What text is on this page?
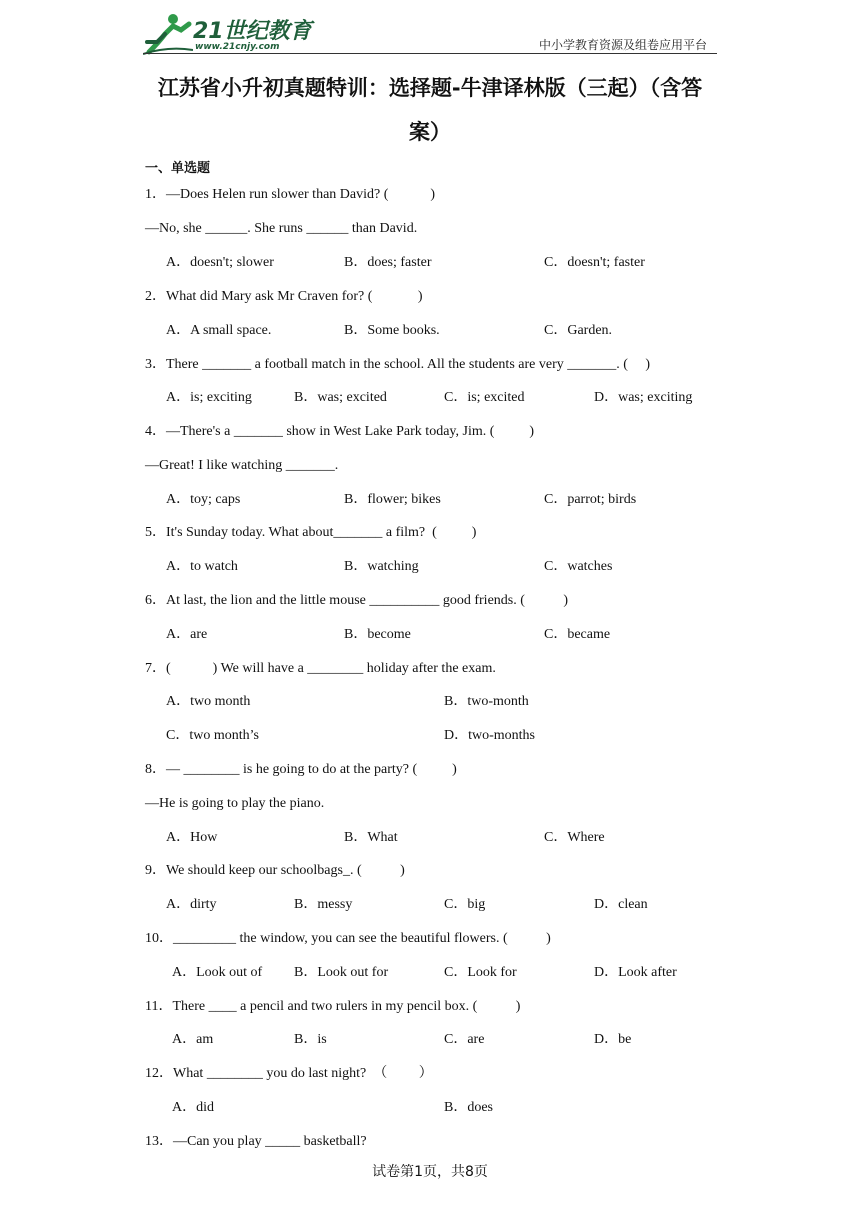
21世纪教育
www.21cnjy.com	中小学教育资源及组卷应用平台
江苏省小升初真题特训：选择题-牛津译林版（三起）（含答
案）
一、单选题
1．—Does Helen run slower than David? (            )
—No, she ______. She runs ______ than David.
A．doesn't; slower	B．does; faster	C．doesn't; faster
2．What did Mary ask Mr Craven for? (             )
A．A small space.	B．Some books.	C．Garden.
3．There _______ a football match in the school. All the students are very _______. (     )
A．is; exciting	B．was; excited	C．is; excited	D．was; exciting
4．—There's a _______ show in West Lake Park today, Jim. (          )
—Great! I like watching _______.
A．toy; caps	B．flower; bikes	C．parrot; birds
5．It's Sunday today. What about_______ a film?  (          )
A．to watch	B．watching	C．watches
6．At last, the lion and the little mouse __________ good friends. (           )
A．are	B．become	C．became
7．(            ) We will have a ________ holiday after the exam.
A．two month	B．two-month
C．two month’s	D．two-months
8．— ________ is he going to do at the party? (          )
—He is going to play the piano.
A．How	B．What	C．Where
9．We should keep our schoolbags_. (           )
A．dirty	B．messy	C．big	D．clean
10．_________ the window, you can see the beautiful flowers. (           )
A．Look out of B．Look out for	C．Look for	D．Look after
11．There ____ a pencil and two rulers in my pencil box. (           )
A．am	B．is	C．are	D．be
12．What ________ you do last night?  （         ）
A．did	B．does
13．—Can you play _____ basketball?
试卷第1页，共8页
